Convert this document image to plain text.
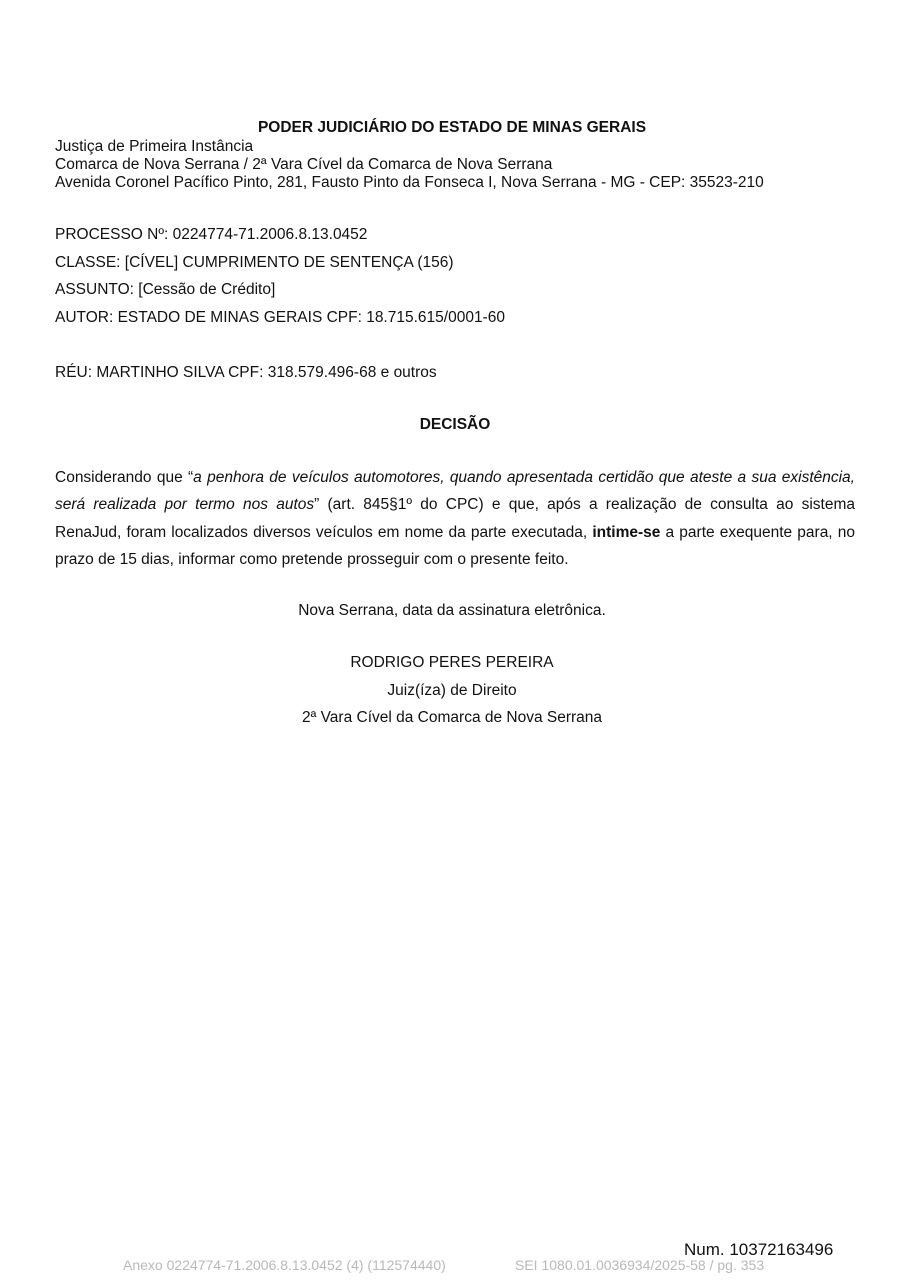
PODER JUDICIÁRIO DO ESTADO DE MINAS GERAIS
Justiça de Primeira Instância
Comarca de Nova Serrana / 2ª Vara Cível da Comarca de Nova Serrana
Avenida Coronel Pacífico Pinto, 281, Fausto Pinto da Fonseca I, Nova Serrana - MG - CEP: 35523-210
PROCESSO Nº: 0224774-71.2006.8.13.0452
CLASSE: [CÍVEL] CUMPRIMENTO DE SENTENÇA (156)
ASSUNTO: [Cessão de Crédito]
AUTOR: ESTADO DE MINAS GERAIS CPF: 18.715.615/0001-60
RÉU: MARTINHO SILVA CPF: 318.579.496-68 e outros
DECISÃO
Considerando que “a penhora de veículos automotores, quando apresentada certidão que ateste a sua existência, será realizada por termo nos autos” (art. 845§1º do CPC) e que, após a realização de consulta ao sistema RenaJud, foram localizados diversos veículos em nome da parte executada, intime-se a parte exequente para, no prazo de 15 dias, informar como pretende prosseguir com o presente feito.
Nova Serrana, data da assinatura eletrônica.
RODRIGO PERES PEREIRA
Juiz(íza) de Direito
2ª Vara Cível da Comarca de Nova Serrana
Num. 10372163496
Anexo 0224774-71.2006.8.13.0452 (4) (112574440)	SEI 1080.01.0036934/2025-58 / pg. 353
